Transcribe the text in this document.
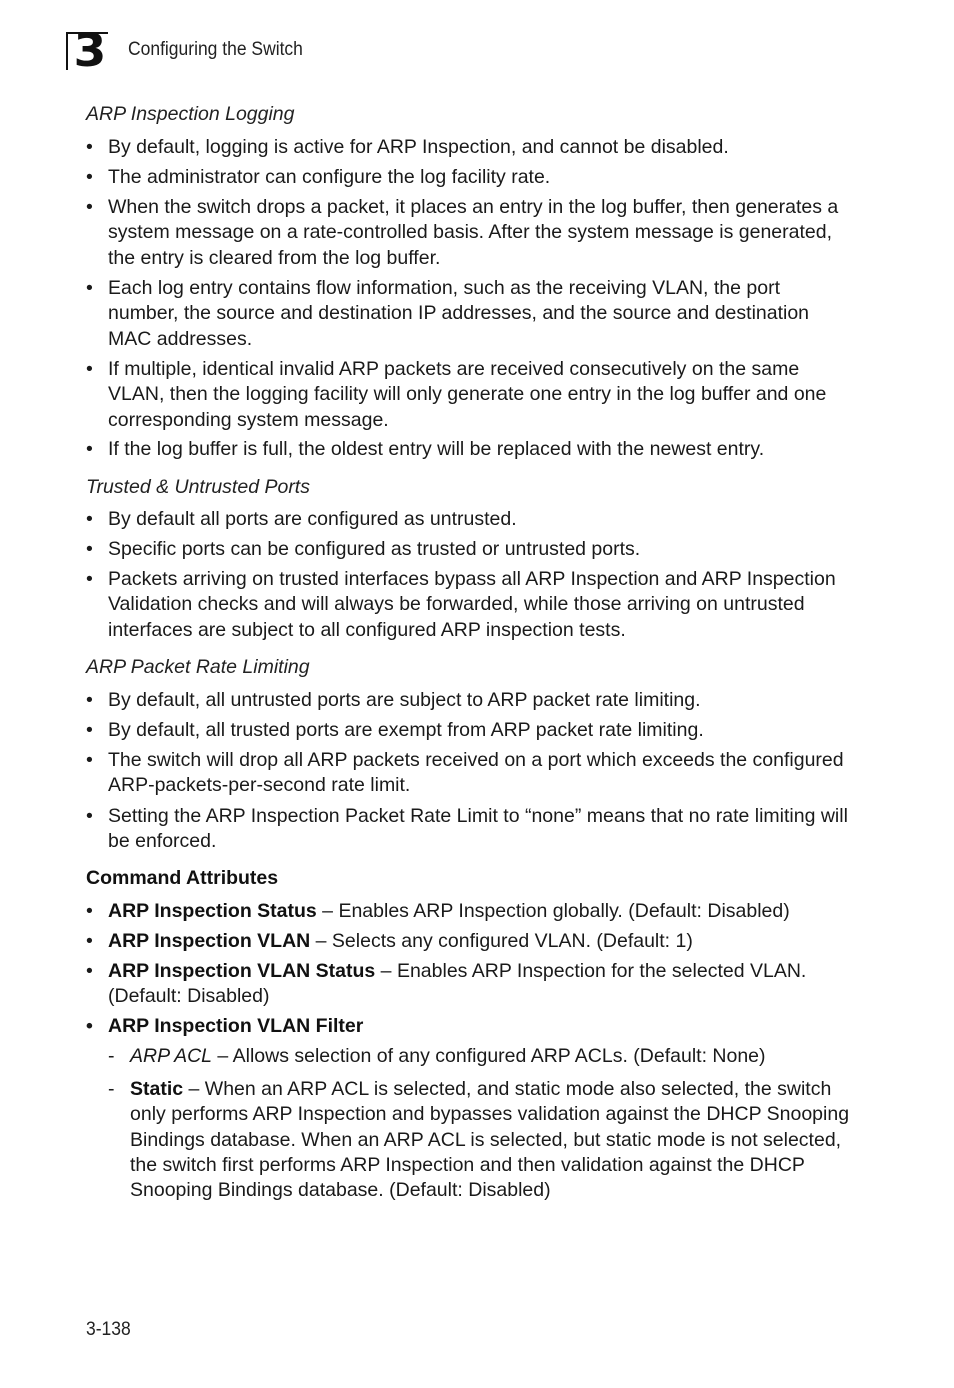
3 Configuring the Switch
ARP Inspection Logging
• By default, logging is active for ARP Inspection, and cannot be disabled.
• The administrator can configure the log facility rate.
• When the switch drops a packet, it places an entry in the log buffer, then generates a system message on a rate-controlled basis. After the system message is generated, the entry is cleared from the log buffer.
• Each log entry contains flow information, such as the receiving VLAN, the port number, the source and destination IP addresses, and the source and destination MAC addresses.
• If multiple, identical invalid ARP packets are received consecutively on the same VLAN, then the logging facility will only generate one entry in the log buffer and one corresponding system message.
• If the log buffer is full, the oldest entry will be replaced with the newest entry.
Trusted & Untrusted Ports
• By default all ports are configured as untrusted.
• Specific ports can be configured as trusted or untrusted ports.
• Packets arriving on trusted interfaces bypass all ARP Inspection and ARP Inspection Validation checks and will always be forwarded, while those arriving on untrusted interfaces are subject to all configured ARP inspection tests.
ARP Packet Rate Limiting
• By default, all untrusted ports are subject to ARP packet rate limiting.
• By default, all trusted ports are exempt from ARP packet rate limiting.
• The switch will drop all ARP packets received on a port which exceeds the configured ARP-packets-per-second rate limit.
• Setting the ARP Inspection Packet Rate Limit to “none” means that no rate limiting will be enforced.
Command Attributes
• ARP Inspection Status – Enables ARP Inspection globally. (Default: Disabled)
• ARP Inspection VLAN – Selects any configured VLAN. (Default: 1)
• ARP Inspection VLAN Status – Enables ARP Inspection for the selected VLAN. (Default: Disabled)
• ARP Inspection VLAN Filter
- ARP ACL – Allows selection of any configured ARP ACLs. (Default: None)
- Static – When an ARP ACL is selected, and static mode also selected, the switch only performs ARP Inspection and bypasses validation against the DHCP Snooping Bindings database. When an ARP ACL is selected, but static mode is not selected, the switch first performs ARP Inspection and then validation against the DHCP Snooping Bindings database. (Default: Disabled)
3-138
